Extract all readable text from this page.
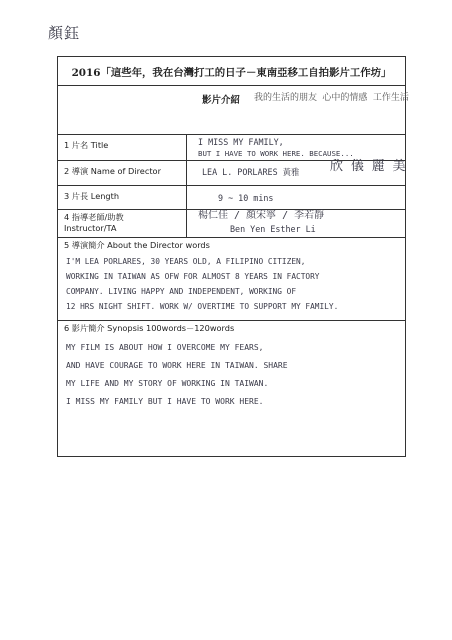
顏鈺
2016「這些年，我在台灣打工的日子－東南亞移工自拍影片工作坊」
影片介紹 我的生活的朋友 心中的情感 工作生活
1 片名 Title	I MISS MY FAMILY,
BUT I HAVE TO WORK HERE. BECAUSE...
2 導演 Name of Director	LEA L. PORLARES 黃雅 欣 儀 麗 美
3 片長 Length	9 ~ 10 mins
4 指導老師/助教
Instructor/TA
楊仁佳 / 顏宋寧 / 李若靜
Ben Yen Esther Li
5 導演簡介 About the Director words
I'M LEA PORLARES, 30 YEARS OLD, A FILIPINO CITIZEN,
WORKING IN TAIWAN AS OFW FOR ALMOST 8 YEARS IN FACTORY
COMPANY. LIVING HAPPY AND INDEPENDENT, WORKING OF
12 HRS NIGHT SHIFT. WORK W/ OVERTIME TO SUPPORT MY FAMILY.
6 影片簡介 Synopsis 100words－120words
MY FILM IS ABOUT HOW I OVERCOME MY FEARS,
AND HAVE COURAGE TO WORK HERE IN TAIWAN. SHARE
MY LIFE AND MY STORY OF WORKING IN TAIWAN.
I MISS MY FAMILY BUT I HAVE TO WORK HERE.
